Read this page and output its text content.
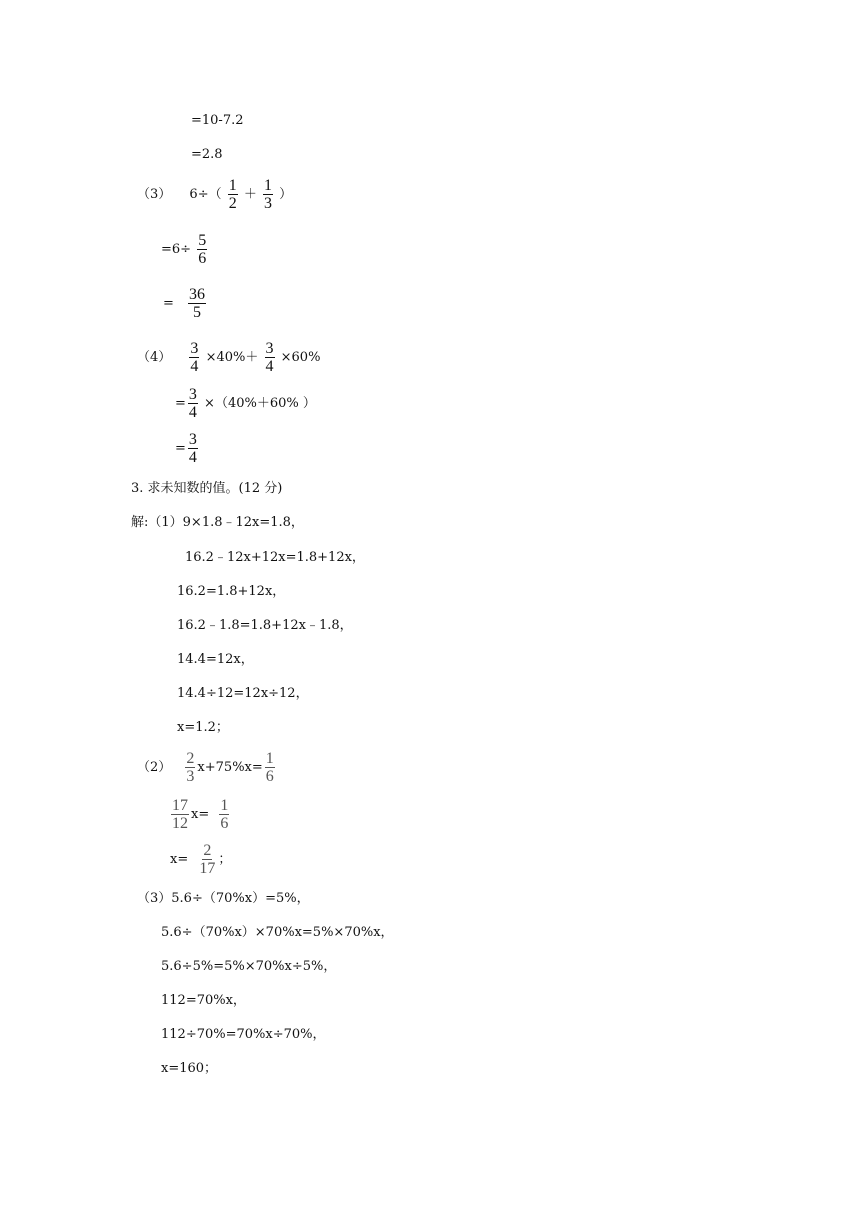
=10-7.2
=2.8
（3） $6\div( \frac{1}{2} + \frac{1}{3}$ ）
$=6\div \frac{5}{6}$
= $\frac{36}{5}$
$(4) \frac{3}{4} \times 40\%+ \frac{3}{4} \times 60\%$
= $\frac{3}{4} \times(40\%+60\%$ ）
= $\frac{3}{4}$
3. 求未知数的值。(12 分)
解:（1）9×1.8﹣12x=1.8，
16.2﹣12x+12x=1.8+12x，
16.2=1.8+12x，
16.2﹣1.8=1.8+12x﹣1.8，
14.4=12x，
14.4÷12=12x÷12，
x=1.2；
$(2) \frac{2}{3} x+75\%x= \frac{1}{6}$
$\frac{17}{12} x= \frac{1}{6}$
$x= \frac{2}{17}$ ；
（3）5.6÷（70%x）=5%，
5.6÷（70%x）×70%x=5%×70%x，
5.6÷5%=5%×70%x÷5%，
112=70%x，
112÷70%=70%x÷70%，
x=160；
